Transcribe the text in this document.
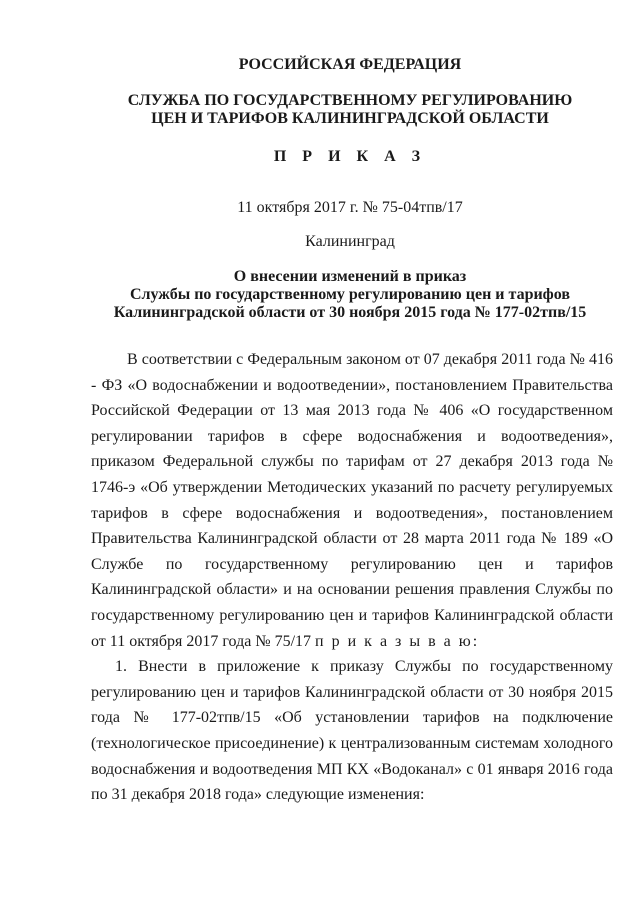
РОССИЙСКАЯ ФЕДЕРАЦИЯ
СЛУЖБА ПО ГОСУДАРСТВЕННОМУ РЕГУЛИРОВАНИЮ
ЦЕН И ТАРИФОВ КАЛИНИНГРАДСКОЙ ОБЛАСТИ
П Р И К А З
11 октября 2017 г. № 75-04тпв/17
Калининград
О внесении изменений в приказ
Службы по государственному регулированию цен и тарифов
Калининградской области от 30 ноября 2015 года № 177-02тпв/15

В соответствии с Федеральным законом от 07 декабря 2011 года № 416 - ФЗ «О водоснабжении и водоотведении», постановлением Правительства Российской Федерации от 13 мая 2013 года № 406 «О государственном регулировании тарифов в сфере водоснабжения и водоотведения», приказом Федеральной службы по тарифам от 27 декабря 2013 года № 1746-э «Об утверждении Методических указаний по расчету регулируемых тарифов в сфере водоснабжения и водоотведения», постановлением Правительства Калининградской области от 28 марта 2011 года № 189 «О Службе по государственному регулированию цен и тарифов Калининградской области» и на основании решения правления Службы по государственному регулированию цен и тарифов Калининградской области от 11 октября 2017 года № 75/17 п р и к а з ы в а ю:

1. Внести в приложение к приказу Службы по государственному регулированию цен и тарифов Калининградской области от 30 ноября 2015 года № 177-02тпв/15 «Об установлении тарифов на подключение (технологическое присоединение) к централизованным системам холодного водоснабжения и водоотведения МП КХ «Водоканал» с 01 января 2016 года по 31 декабря 2018 года» следующие изменения:
